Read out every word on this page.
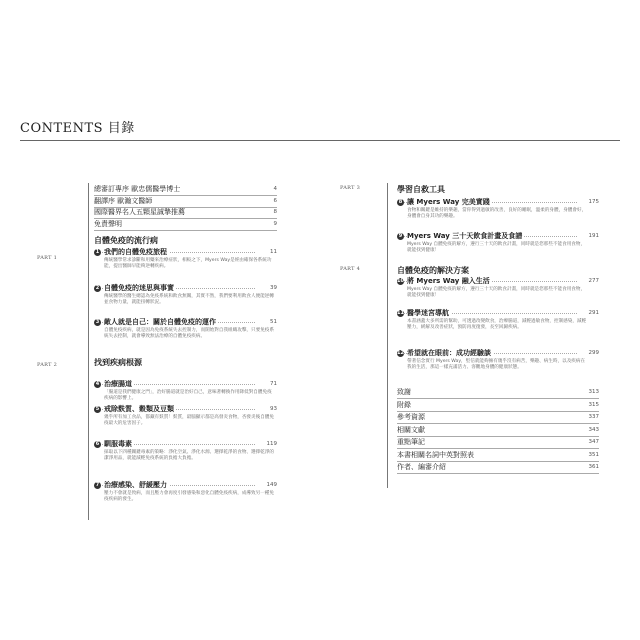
CONTENTS 目錄
總審訂專序 歐忠儒醫學博士	4
翻譯序 歐瀚文醫師	6
國際醫界名人五顆星誠摯推薦	8
免責聲明	9
自體免疫的流行病
PART 1
1 我們的自體免疫旅程	11
傳統醫學常求診斷和用藥來治療症狀，相較之下，Myers Way是經由確保各系統功能，提出醫師早能夠逆轉疾病。
2 自體免疫的迷思與事實	39
傳統醫學的醫生總認為免疫系統和飲食無關，其實不然，我們要利用飲食人便能逆轉並食物力量，就能扭轉狀況。
3 敵人就是自己：關於自體免疫的運作	51
自體免疫疾病，就是因為免疫系統失去控制力，而開始對自我組織攻擊，只要免疫系統失去控制，就會導致無法治療的自體免疫疾病。
找到疾病根源
PART 2
4 治療腸道	71
「腸道是我們健康之門」，治好腸道就是治好自己，意味著轉換作用降低對自體免疫疾病的影響上。
5 戒除麩質、穀類及豆類	93
幾乎所有加工食品，都藏有麩質！麩質，最腦顯示都是高發炎食物，杏發炎後自體免疫最大的危害因子。
6 馴服毒素	119
採取以下四種關鍵毒素的策略：淨化空氣、淨化水源、選擇乾淨的食物、選擇乾淨的潔淨用品，就能減輕免疫系統的負擔大負擔。
7 治療感染、舒緩壓力	149
壓力不會就是致病，而且壓力會再度引發感染和惡化自體免疫疾病，成導致另一種免疫疾病的發生。
學習自救工具
PART 3
8 讓 Myers Way 完美實踐	175
食物和關鍵是維持的樂趣，當你得到過敏的改善，良好的睡眠，溫柔的身體，身體會好，身體會自身其功的樂趣。
9 Myers Way 三十天飲食計畫及食譜	191
Myers Way 自體免疫的解方，遵行三十天的飲食計畫，同時就是您那些不能食用食物，就能找到健康！
自體免疫的解決方案
PART 4
10 將 Myers Way 融入生活	277
Myers Way 自體免疫的解方，遵行三十天的飲食計畫，同時就是您那些不能食用食物，就能找到健康！
11 醫學迷宮導航	291
本書涵蓋大多所需的幫助，可透過改變飲食，治療腸道，減輕過敏食物，控制感染，減輕壓力，緩解及改善症狀，預防再度復發，長至回歸疾病。
12 希望就在眼前：成功經驗談	299
帶著信念實行 Myers Way，堅信就能夠擁有幾乎沒有病苦，樂趣、病生時，以及疾病在我的生活，那這一樣充滿活力、客觀地身體的健康狀態。
致謝	313
附錄	315
參考資源	337
相關文獻	343
重點筆記	347
本書相關名詞中英對照表	351
作者、編審介紹	361
